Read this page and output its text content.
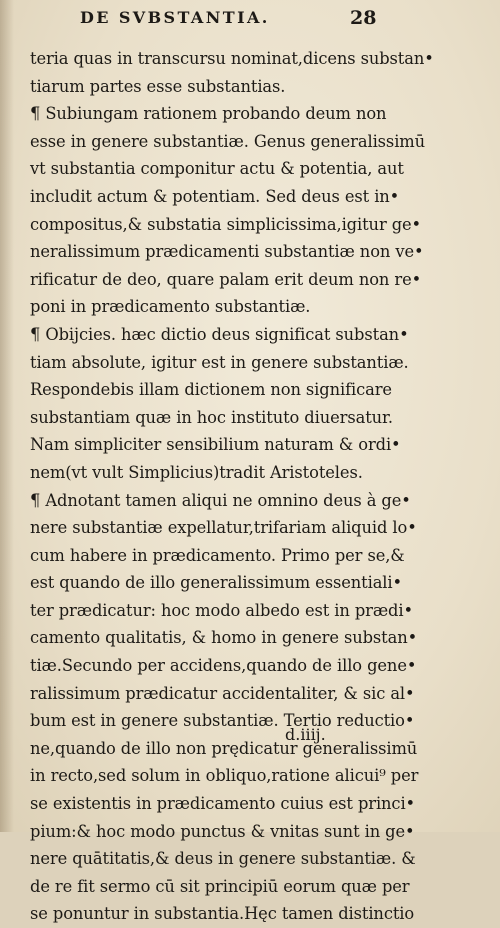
DE SVBSTANTIA.	28
teria quas in transcursu nominat,dicens substan•
tiarum partes esse substantias.
¶ Subiungam rationem probando deum non
esse in genere substantiæ. Genus generalissimū
vt substantia componitur actu & potentia, aut
includit actum & potentiam. Sed deus est in•
compositus,& substatia simplicissima,igitur ge•
neralissimum prædicamenti substantiæ non ve•
rificatur de deo, quare palam erit deum non re•
poni in prædicamento substantiæ.
¶ Obijcies. hæc dictio deus significat substan•
tiam absolute, igitur est in genere substantiæ.
Respondebis illam dictionem non significare
substantiam quæ in hoc instituto diuersatur.
Nam simpliciter sensibilium naturam & ordi•
nem(vt vult Simplicius)tradit Aristoteles.
¶ Adnotant tamen aliqui ne omnino deus à ge•
nere substantiæ expellatur,trifariam aliquid lo•
cum habere in prædicamento. Primo per se,&
est quando de illo generalissimum essentiali•
ter prædicatur: hoc modo albedo est in prædi•
camento qualitatis, & homo in genere substan•
tiæ.Secundo per accidens,quando de illo gene•
ralissimum prædicatur accidentaliter, & sic al•
bum est in genere substantiæ. Tertio reductio•
ne,quando de illo non prędicatur generalissimū
in recto,sed solum in obliquo,ratione alicui⁹ per
se existentis in prædicamento cuius est princi•
pium:& hoc modo punctus & vnitas sunt in ge•
nere quātitatis,& deus in genere substantiæ. &
de re fit sermo cū sit principiū eorum quæ per
se ponuntur in substantia.Hęc tamen distinctio
d.iiij.
